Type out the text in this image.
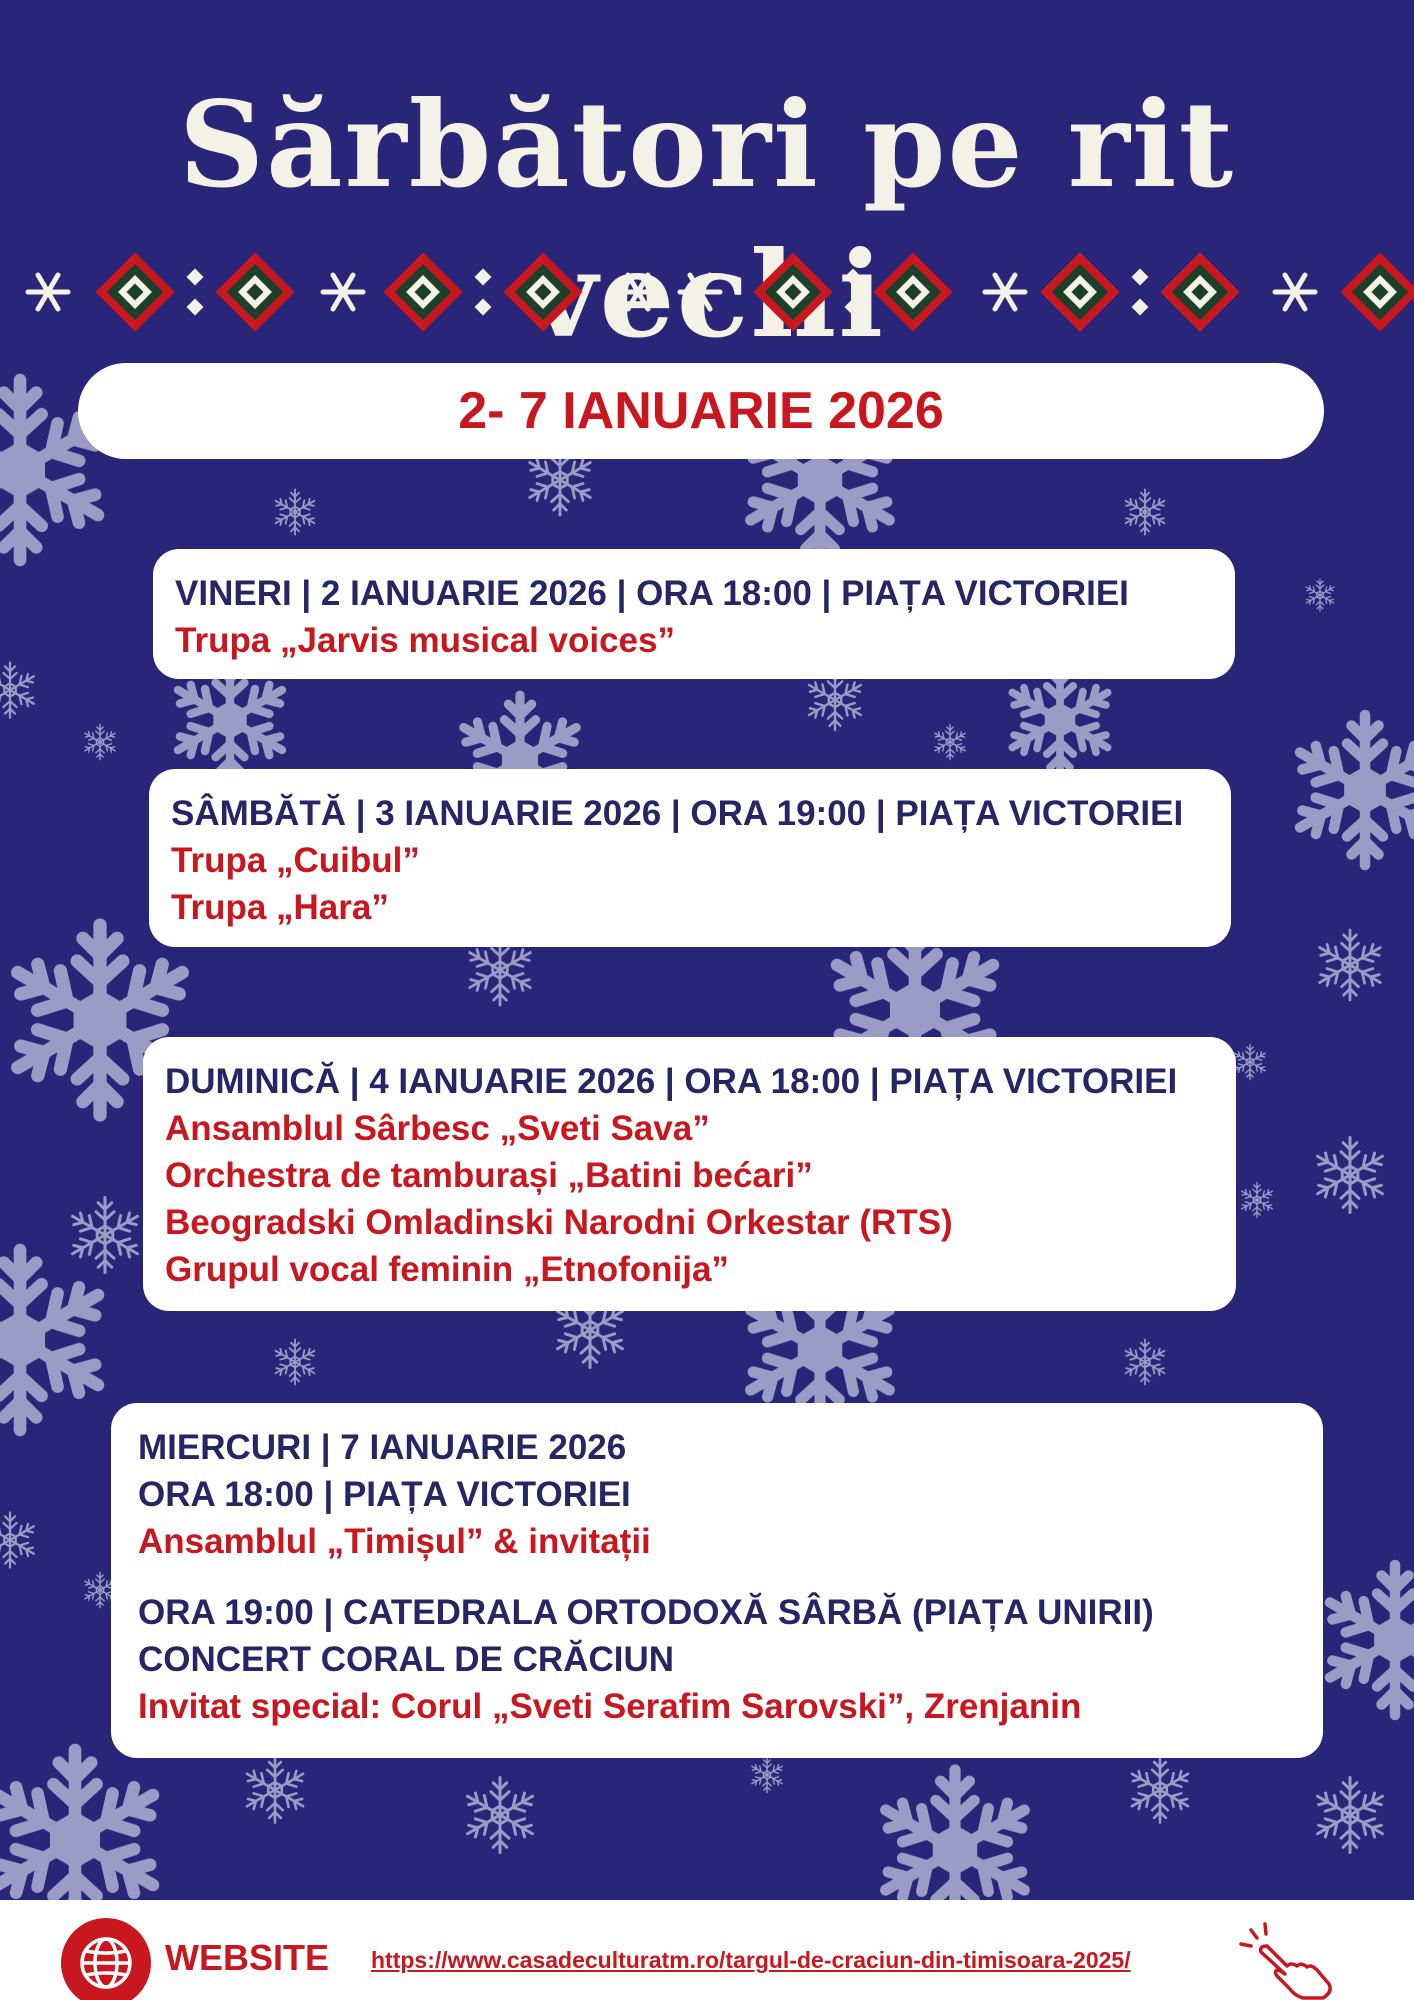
Sărbători pe rit
2- 7 IANUARIE 2026
VINERI | 2 IANUARIE 2026 | ORA 18:00 | PIAȚA VICTORIEI
Trupa „Jarvis musical voices”
SÂMBĂTĂ | 3 IANUARIE 2026 | ORA 19:00 | PIAȚA VICTORIEI
Trupa „Cuibul”
Trupa „Hara”
DUMINICĂ | 4 IANUARIE 2026 | ORA 18:00 | PIAȚA VICTORIEI
Ansamblul Sârbesc „Sveti Sava”
Orchestra de tamburași „Batini bećari”
Beogradski Omladinski Narodni Orkestar (RTS)
Grupul vocal feminin „Etnofonija”
MIERCURI | 7 IANUARIE 2026
ORA 18:00 | PIAȚA VICTORIEI
Ansamblul „Timișul” & invitații
ORA 19:00 | CATEDRALA ORTODOXĂ SÂRBĂ (PIAȚA UNIRII)
CONCERT CORAL DE CRĂCIUN
Invitat special: Corul „Sveti Serafim Sarovski”, Zrenjanin
WEBSITE https://www.casadeculturatm.ro/targul-de-craciun-din-timisoara-2025/
